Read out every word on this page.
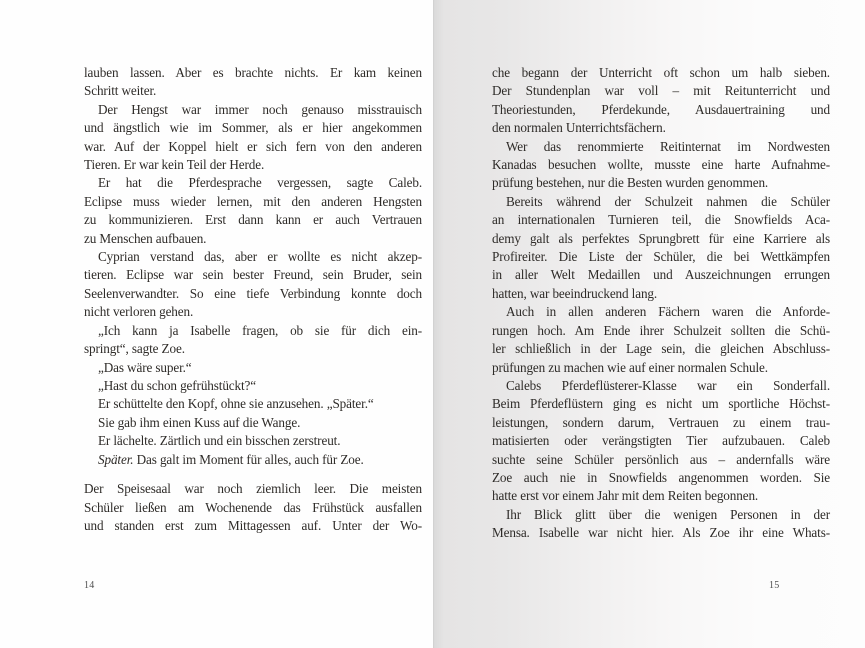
lauben lassen. Aber es brachte nichts. Er kam keinen
Schritt weiter.
Der Hengst war immer noch genauso misstrauisch
und ängstlich wie im Sommer, als er hier angekommen
war. Auf der Koppel hielt er sich fern von den anderen
Tieren. Er war kein Teil der Herde.
Er hat die Pferdesprache vergessen, sagte Caleb.
Eclipse muss wieder lernen, mit den anderen Hengsten
zu kommunizieren. Erst dann kann er auch Vertrauen
zu Menschen aufbauen.
Cyprian verstand das, aber er wollte es nicht akzep-
tieren. Eclipse war sein bester Freund, sein Bruder, sein
Seelenverwandter. So eine tiefe Verbindung konnte doch
nicht verloren gehen.
„Ich kann ja Isabelle fragen, ob sie für dich ein-
springt“, sagte Zoe.
„Das wäre super.“
„Hast du schon gefrühstückt?“
Er schüttelte den Kopf, ohne sie anzusehen. „Später.“
Sie gab ihm einen Kuss auf die Wange.
Er lächelte. Zärtlich und ein bisschen zerstreut.
Später. Das galt im Moment für alles, auch für Zoe.
Der Speisesaal war noch ziemlich leer. Die meisten
Schüler ließen am Wochenende das Frühstück ausfallen
und standen erst zum Mittagessen auf. Unter der Wo-
14
che begann der Unterricht oft schon um halb sieben.
Der Stundenplan war voll – mit Reitunterricht und
Theoriestunden, Pferdekunde, Ausdauertraining und
den normalen Unterrichtsfächern.
Wer das renommierte Reitinternat im Nordwesten
Kanadas besuchen wollte, musste eine harte Aufnahme-
prüfung bestehen, nur die Besten wurden genommen.
Bereits während der Schulzeit nahmen die Schüler
an internationalen Turnieren teil, die Snowfields Aca-
demy galt als perfektes Sprungbrett für eine Karriere als
Profireiter. Die Liste der Schüler, die bei Wettkämpfen
in aller Welt Medaillen und Auszeichnungen errungen
hatten, war beeindruckend lang.
Auch in allen anderen Fächern waren die Anforde-
rungen hoch. Am Ende ihrer Schulzeit sollten die Schü-
ler schließlich in der Lage sein, die gleichen Abschluss-
prüfungen zu machen wie auf einer normalen Schule.
Calebs Pferdeflüsterer-Klasse war ein Sonderfall.
Beim Pferdeflüstern ging es nicht um sportliche Höchst-
leistungen, sondern darum, Vertrauen zu einem trau-
matisierten oder verängstigten Tier aufzubauen. Caleb
suchte seine Schüler persönlich aus – andernfalls wäre
Zoe auch nie in Snowfields angenommen worden. Sie
hatte erst vor einem Jahr mit dem Reiten begonnen.
Ihr Blick glitt über die wenigen Personen in der
Mensa. Isabelle war nicht hier. Als Zoe ihr eine Whats-
15
